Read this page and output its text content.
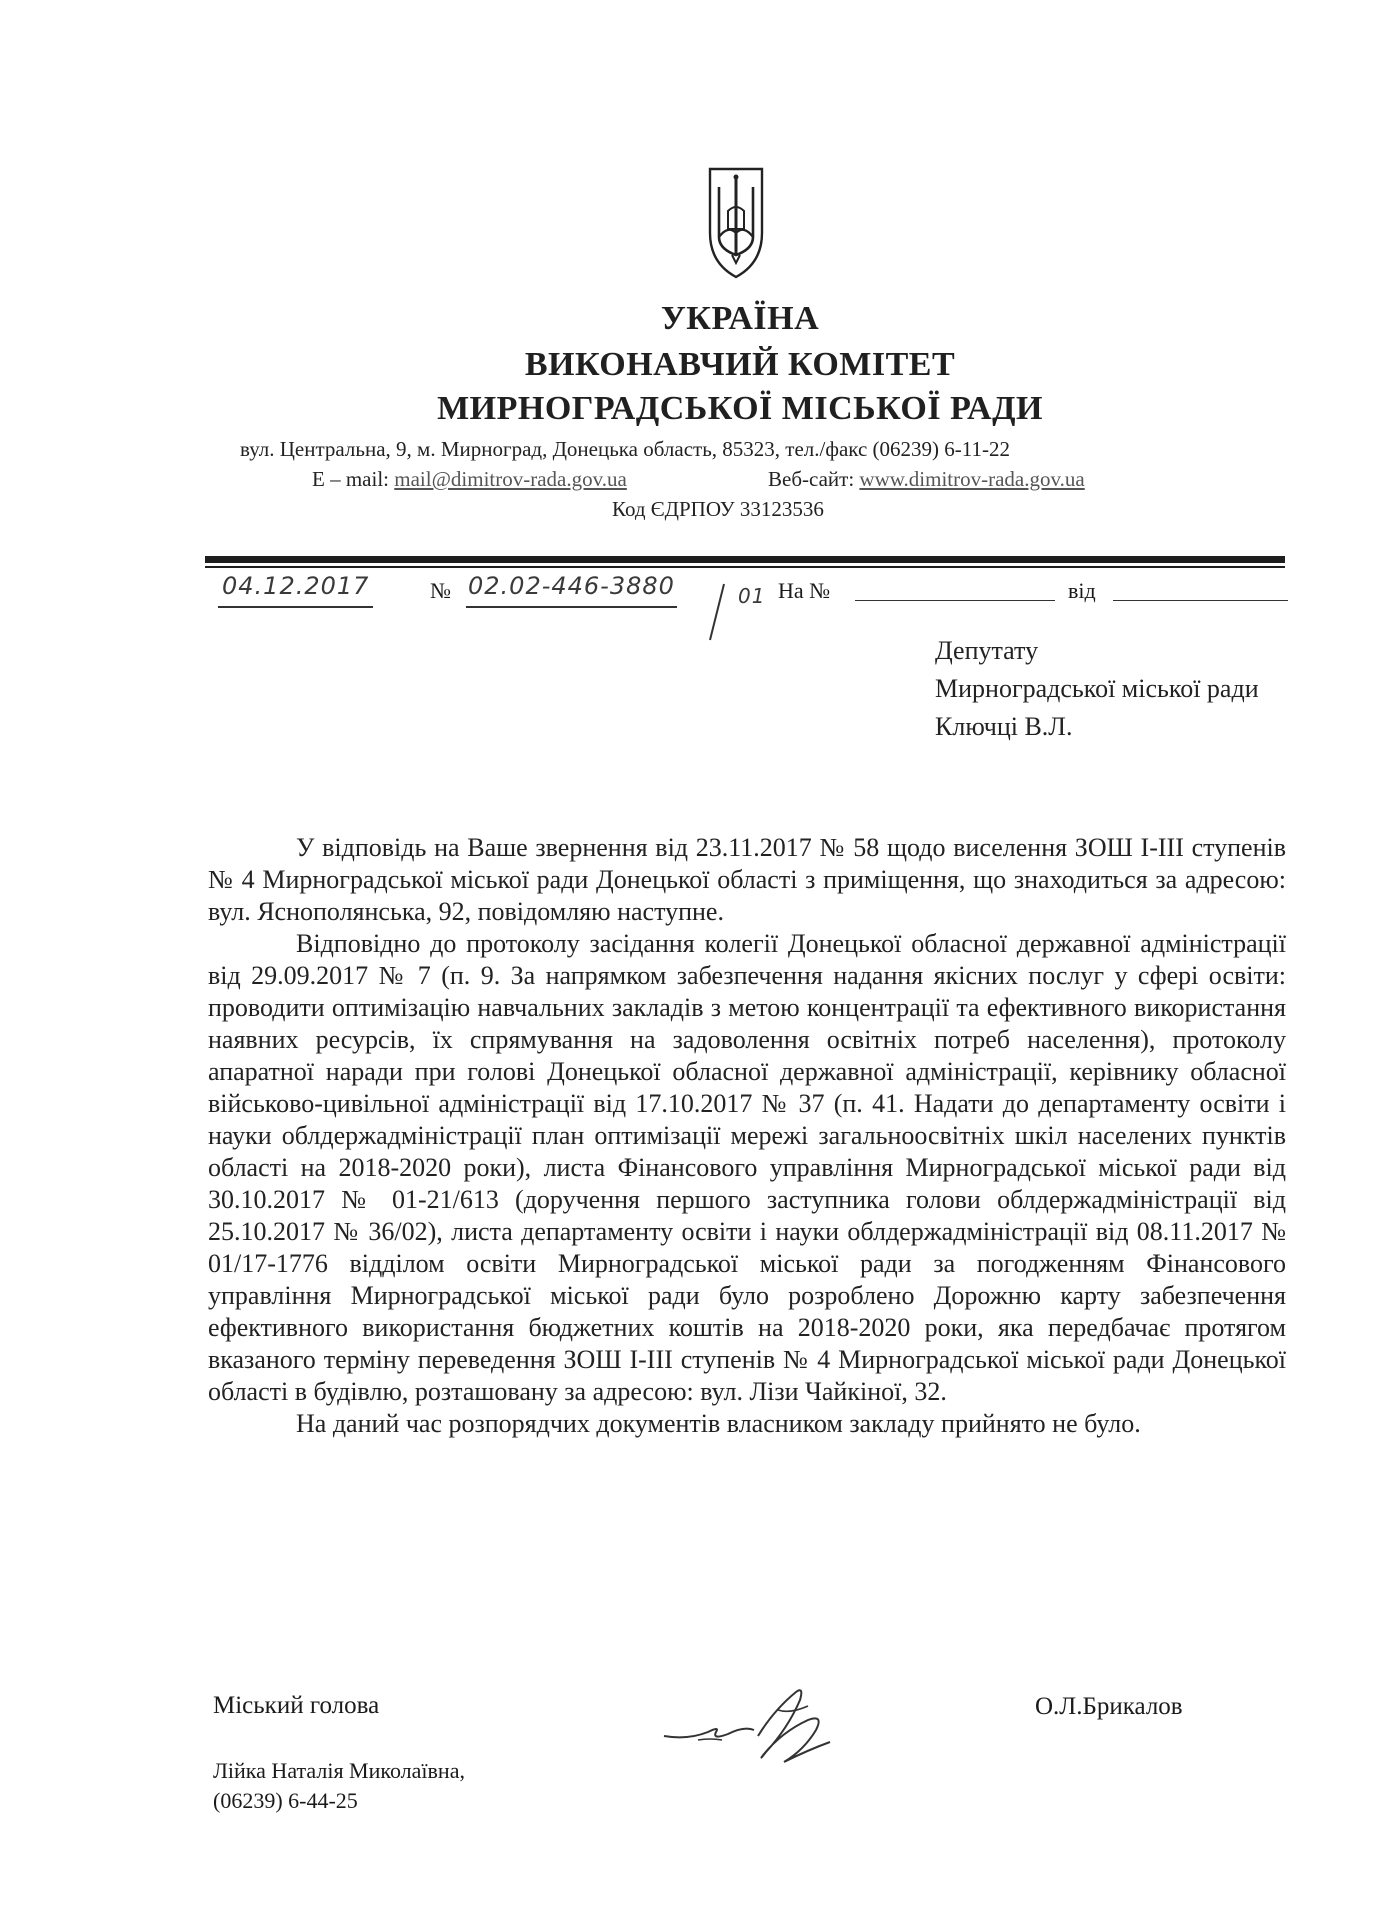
УКРАЇНА
ВИКОНАВЧИЙ КОМІТЕТ
МИРНОГРАДСЬКОЇ МІСЬКОЇ РАДИ
вул. Центральна, 9, м. Мирноград, Донецька область, 85323, тел./факс (06239) 6-11-22
E – mail: mail@dimitrov-rada.gov.ua	Веб-сайт: www.dimitrov-rada.gov.ua
Код ЄДРПОУ 33123536
04.12.2017	№ 02.02-446-3880	01 На №	від
Депутату
Мирноградської міської ради
Ключці В.Л.

У відповідь на Ваше звернення від 23.11.2017 № 58 щодо виселення ЗОШ І-ІІІ ступенів № 4 Мирноградської міської ради Донецької області з приміщення, що знаходиться за адресою: вул. Яснополянська, 92, повідомляю наступне.

Відповідно до протоколу засідання колегії Донецької обласної державної адміністрації від 29.09.2017 № 7 (п. 9. За напрямком забезпечення надання якісних послуг у сфері освіти: проводити оптимізацію навчальних закладів з метою концентрації та ефективного використання наявних ресурсів, їх спрямування на задоволення освітніх потреб населення), протоколу апаратної наради при голові Донецької обласної державної адміністрації, керівнику обласної військово-цивільної адміністрації від 17.10.2017 № 37 (п. 41. Надати до департаменту освіти і науки облдержадміністрації план оптимізації мережі загальноосвітніх шкіл населених пунктів області на 2018-2020 роки), листа Фінансового управління Мирноградської міської ради від 30.10.2017 № 01-21/613 (доручення першого заступника голови облдержадміністрації від 25.10.2017 № 36/02), листа департаменту освіти і науки облдержадміністрації від 08.11.2017 № 01/17-1776 відділом освіти Мирноградської міської ради за погодженням Фінансового управління Мирноградської міської ради було розроблено Дорожню карту забезпечення ефективного використання бюджетних коштів на 2018-2020 роки, яка передбачає протягом вказаного терміну переведення ЗОШ І-ІІІ ступенів № 4 Мирноградської міської ради Донецької області в будівлю, розташовану за адресою: вул. Лізи Чайкіної, 32.

На даний час розпорядчих документів власником закладу прийнято не було.

Міський голова	О.Л.Брикалов
Лійка Наталія Миколаївна,
(06239) 6-44-25
